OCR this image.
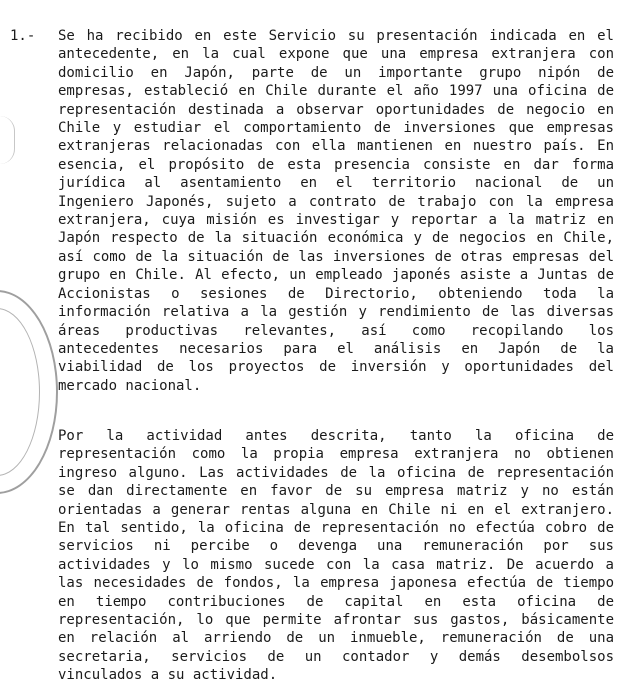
1.- Se ha recibido en este Servicio su presentación indicada en el antecedente, en la cual expone que una empresa extranjera con domicilio en Japón, parte de un importante grupo nipón de empresas, estableció en Chile durante el año 1997 una oficina de representación destinada a observar oportunidades de negocio en Chile y estudiar el comportamiento de inversiones que empresas extranjeras relacionadas con ella mantienen en nuestro país. En esencia, el propósito de esta presencia consiste en dar forma jurídica al asentamiento en el territorio nacional de un Ingeniero Japonés, sujeto a contrato de trabajo con la empresa extranjera, cuya misión es investigar y reportar a la matriz en Japón respecto de la situación económica y de negocios en Chile, así como de la situación de las inversiones de otras empresas del grupo en Chile. Al efecto, un empleado japonés asiste a Juntas de Accionistas o sesiones de Directorio, obteniendo toda la información relativa a la gestión y rendimiento de las diversas áreas productivas relevantes, así como recopilando los antecedentes necesarios para el análisis en Japón de la viabilidad de los proyectos de inversión y oportunidades del mercado nacional.

Por la actividad antes descrita, tanto la oficina de representación como la propia empresa extranjera no obtienen ingreso alguno. Las actividades de la oficina de representación se dan directamente en favor de su empresa matriz y no están orientadas a generar rentas alguna en Chile ni en el extranjero. En tal sentido, la oficina de representación no efectúa cobro de servicios ni percibe o devenga una remuneración por sus actividades y lo mismo sucede con la casa matriz. De acuerdo a las necesidades de fondos, la empresa japonesa efectúa de tiempo en tiempo contribuciones de capital en esta oficina de representación, lo que permite afrontar sus gastos, básicamente en relación al arriendo de un inmueble, remuneración de una secretaria, servicios de un contador y demás desembolsos vinculados a su actividad.
